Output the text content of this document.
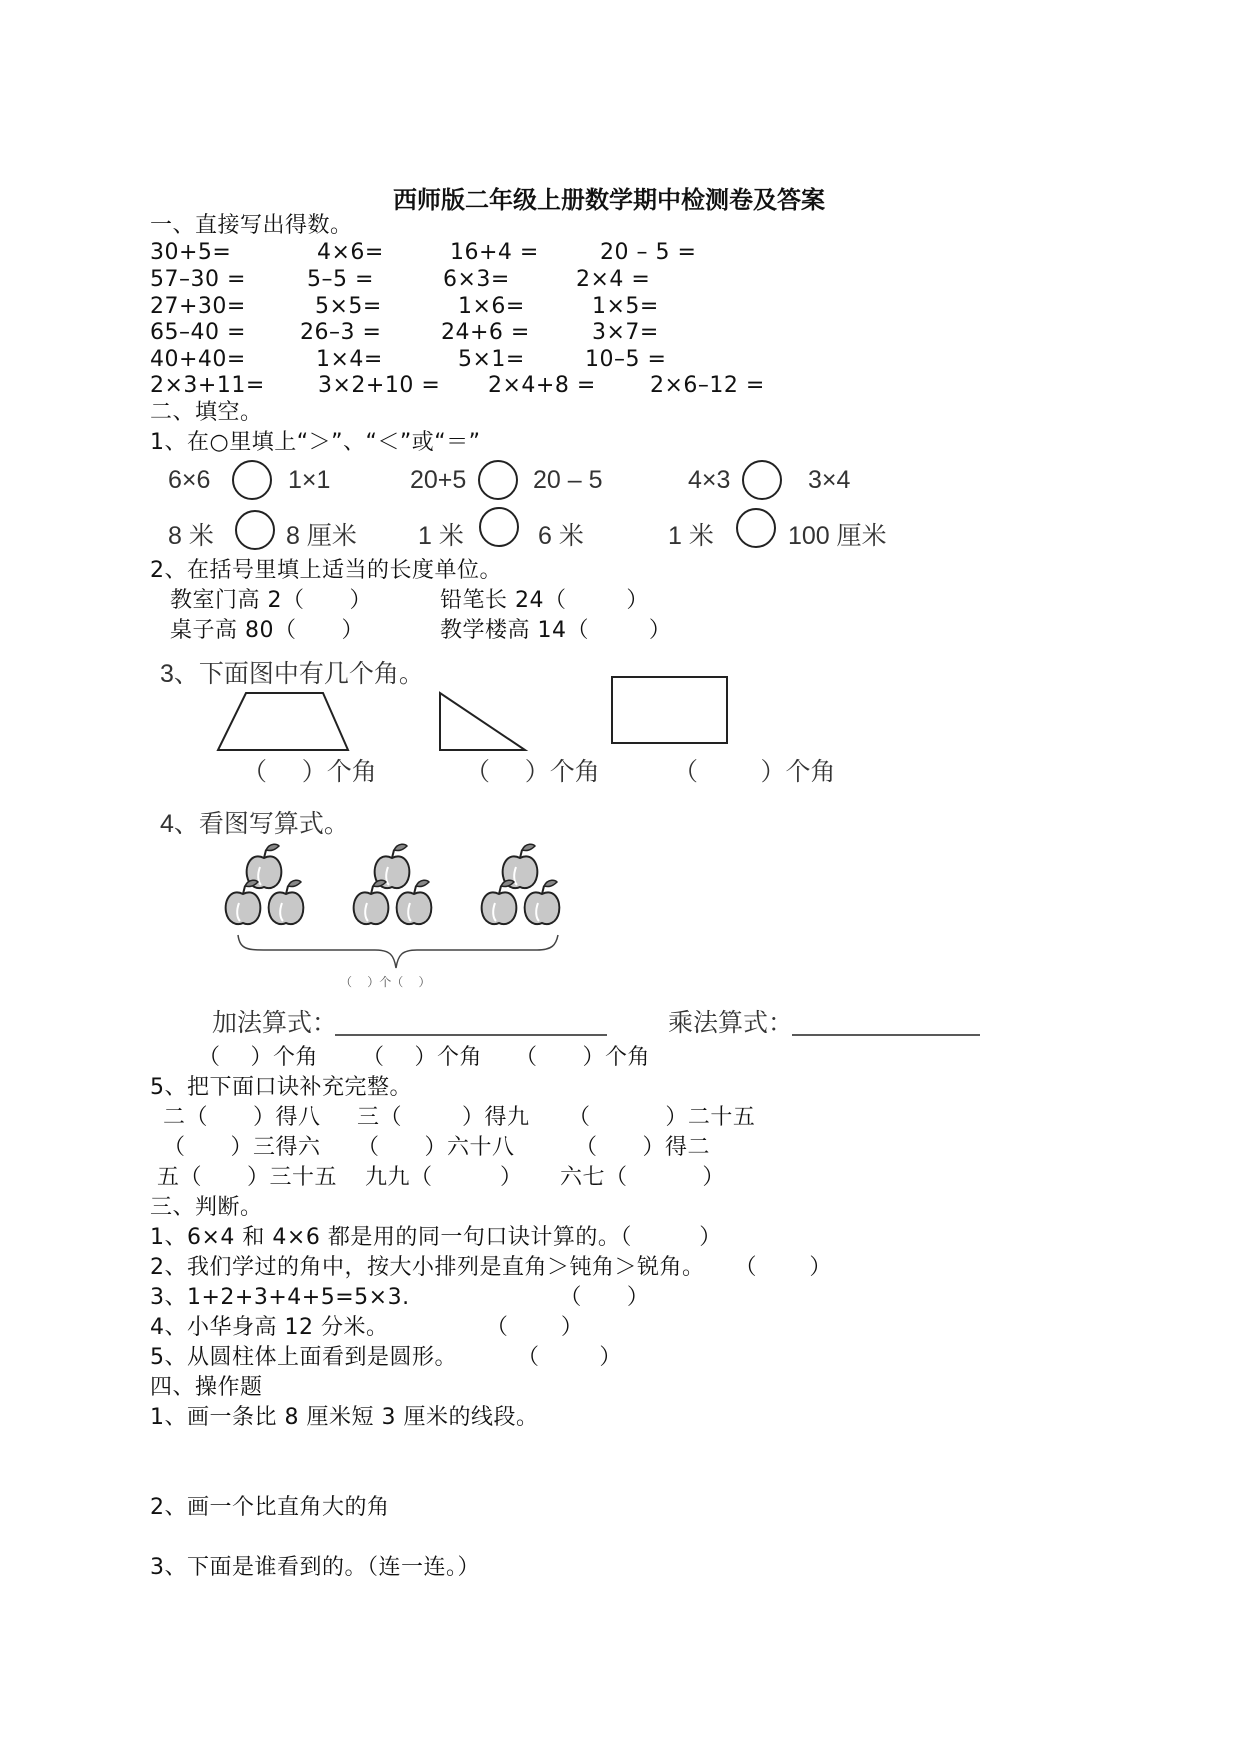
西师版二年级上册数学期中检测卷及答案
一、直接写出得数。
30+5=	4×6=	16+4 =	20 – 5 =
57–30 =	5–5 =	6×3=	2×4 =
27+30=	5×5=	1×6=	1×5=
65–40 = 26–3 =	24+6 =	3×7=
40+40=	1×4=	5×1=	10–5 =
2×3+11= 3×2+10 = 2×4+8 = 2×6–12 =
二、填空。
1、在○里填上“＞”、“＜”或“＝”
6×6	1×1	20+5	20 – 5	4×3	3×4
8 米	8 厘米 1 米	6 米	1 米	100 厘米
2、在括号里填上适当的长度单位。
教室门高 2（      ）	铅笔长 24（        ）
桌子高 80（      ）	教学楼高 14（        ）
3、下面图中有几个角。
（     ）个角	（     ）个角	（         ）个角
4、看图写算式。
（    ）个（    ）
加法算式：	乘法算式：
（    ）个角 （    ）个角 （      ）个角
5、把下面口诀补充完整。
二（      ）得八 三（        ）得九 （          ）二十五
（      ）三得六 （      ）六十八	（      ）得二
五（      ）三十五 九九（         ） 六七（          ）
三、判断。
1、6×4 和 4×6 都是用的同一句口诀计算的。（         ）
2、我们学过的角中，按大小排列是直角＞钝角＞锐角。    （       ）
3、1+2+3+4+5=5×3.                    （      ）
4、小华身高 12 分米。             （       ）
5、从圆柱体上面看到是圆形。        （        ）
四、操作题
1、画一条比 8 厘米短 3 厘米的线段。
2、画一个比直角大的角
3、下面是谁看到的。（连一连。）
